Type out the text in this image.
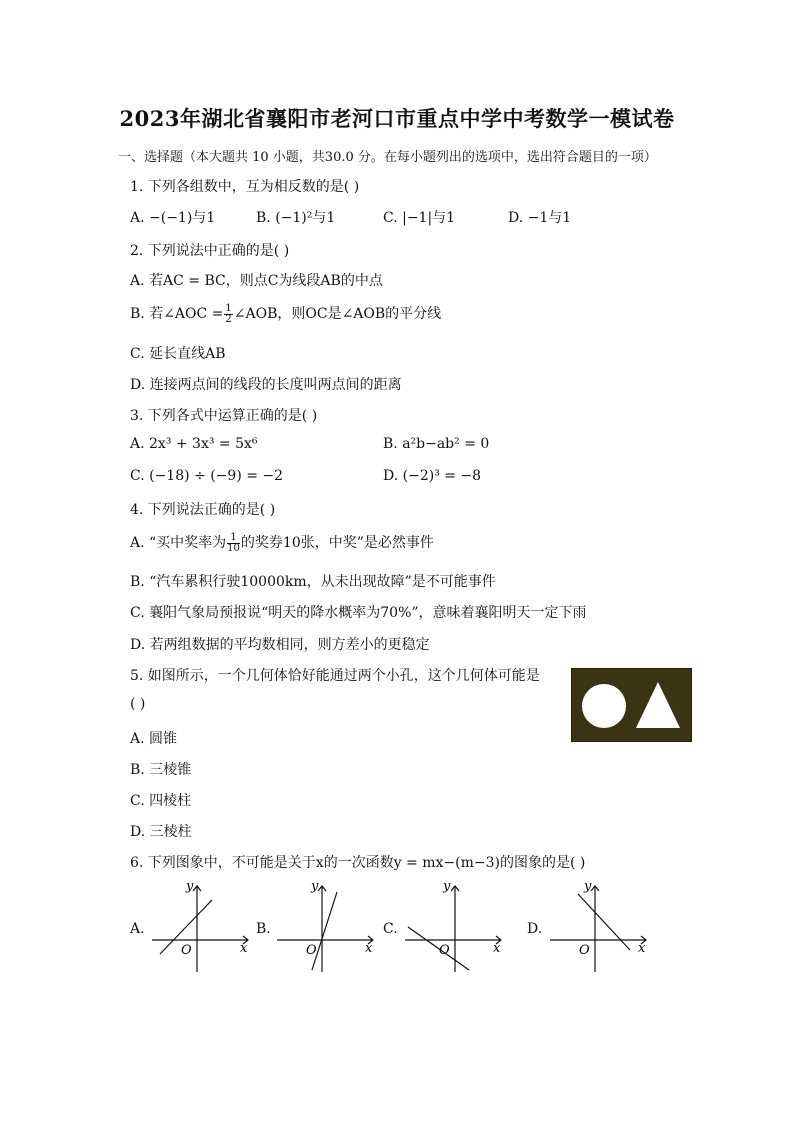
2023年湖北省襄阳市老河口市重点中学中考数学一模试卷
一、选择题（本大题共 10 小题，共30.0 分。在每小题列出的选项中，选出符合题目的一项）
1. 下列各组数中，互为相反数的是( )
A. −(−1)与1	B. (−1)²与1	C. |−1|与1	D. −1与1
2. 下列说法中正确的是( )
A. 若AC = BC，则点C为线段AB的中点
B. 若∠AOC = $\frac{1}{2}$ ∠AOB，则OC是∠AOB的平分线
C. 延长直线AB
D. 连接两点间的线段的长度叫两点间的距离
3. 下列各式中运算正确的是( )
A. 2x³ + 3x³ = 5x⁶	B. a²b−ab² = 0
C. (−18) ÷ (−9) = −2	D. (−2)³ = −8
4. 下列说法正确的是( )
A. “买中奖率为 $\frac{1}{10}$ 的奖券10张，中奖”是必然事件
B. “汽车累积行驶10000km，从未出现故障”是不可能事件
C. 襄阳气象局预报说“明天的降水概率为70%”，意味着襄阳明天一定下雨
D. 若两组数据的平均数相同，则方差小的更稳定
5. 如图所示，一个几何体恰好能通过两个小孔，这个几何体可能是
( )
A. 圆锥
B. 三棱锥
C. 四棱柱
D. 三棱柱
6. 下列图象中，不可能是关于x的一次函数y = mx−(m−3)的图象的是( )
A.
y
x
O
B.
y
x
O
C.
y
x
O
D.
y
x
O
